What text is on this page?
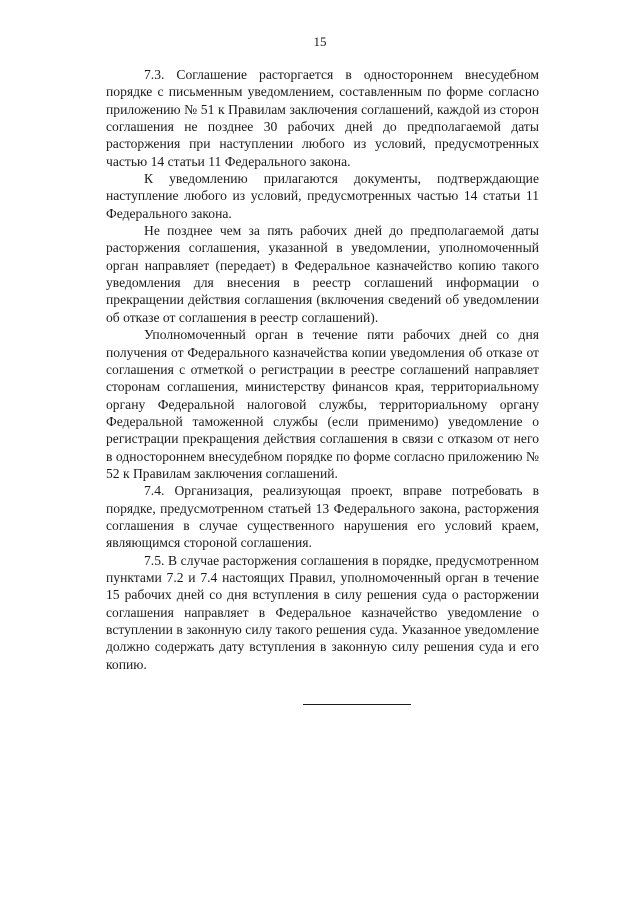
15

7.3. Соглашение расторгается в одностороннем внесудебном порядке с письменным уведомлением, составленным по форме согласно приложению № 51 к Правилам заключения соглашений, каждой из сторон соглашения не позднее 30 рабочих дней до предполагаемой даты расторжения при наступлении любого из условий, предусмотренных частью 14 статьи 11 Федерального закона.

К уведомлению прилагаются документы, подтверждающие наступление любого из условий, предусмотренных частью 14 статьи 11 Федерального закона.

Не позднее чем за пять рабочих дней до предполагаемой даты расторжения соглашения, указанной в уведомлении, уполномоченный орган направляет (передает) в Федеральное казначейство копию такого уведомления для внесения в реестр соглашений информации о прекращении действия соглашения (включения сведений об уведомлении об отказе от соглашения в реестр соглашений).

Уполномоченный орган в течение пяти рабочих дней со дня получения от Федерального казначейства копии уведомления об отказе от соглашения с отметкой о регистрации в реестре соглашений направляет сторонам соглашения, министерству финансов края, территориальному органу Федеральной налоговой службы, территориальному органу Федеральной таможенной службы (если применимо) уведомление о регистрации прекращения действия соглашения в связи с отказом от него в одностороннем внесудебном порядке по форме согласно приложению № 52 к Правилам заключения соглашений.

7.4. Организация, реализующая проект, вправе потребовать в порядке, предусмотренном статьей 13 Федерального закона, расторжения соглашения в случае существенного нарушения его условий краем, являющимся стороной соглашения.

7.5. В случае расторжения соглашения в порядке, предусмотренном пунктами 7.2 и 7.4 настоящих Правил, уполномоченный орган в течение 15 рабочих дней со дня вступления в силу решения суда о расторжении соглашения направляет в Федеральное казначейство уведомление о вступлении в законную силу такого решения суда. Указанное уведомление должно содержать дату вступления в законную силу решения суда и его копию.
